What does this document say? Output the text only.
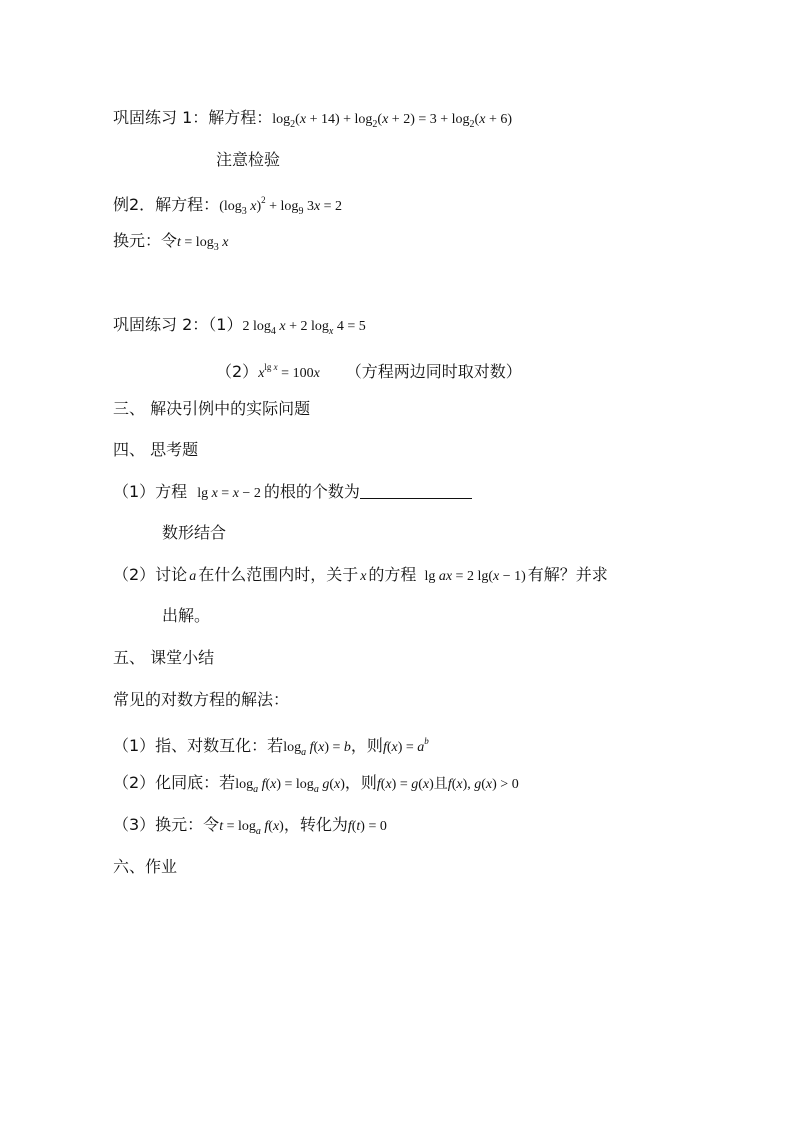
巩固练习 1：解方程：$\log_2(x + 14) + \log_2(x + 2) = 3 + \log_2(x + 6)$
注意检验
例2．解方程：($\log_3$ $x)^2 + \log_9 3x = 2$
换元：令$t = \log_3 x$
巩固练习 2：（1）2 $\log_4 x + 2$ $\log_x 4 = 5$
$(2)x^{lg x} = 100x$ （方程两边同时取对数）
三、 解决引例中的实际问题
四、 思考题
（1）方程 lg x = x − 2 的根的个数为
数形结合
（2）讨论 a 在什么范围内时，关于 x 的方程 lg ax = 2 lg(x − 1) 有解？并求
出解。
五、 课堂小结
常见的对数方程的解法：
（1）指、对数互化：若$\log_a f(x) = b$，则$f(x) = a^b$
（2）化同底：若$\log_a f(x) = \log_a g(x)$，则f(x) = g(x)且f(x), g(x) > 0
（3）换元：令$t = \log_a f(x)$，转化为f(t) = 0
六、作业
